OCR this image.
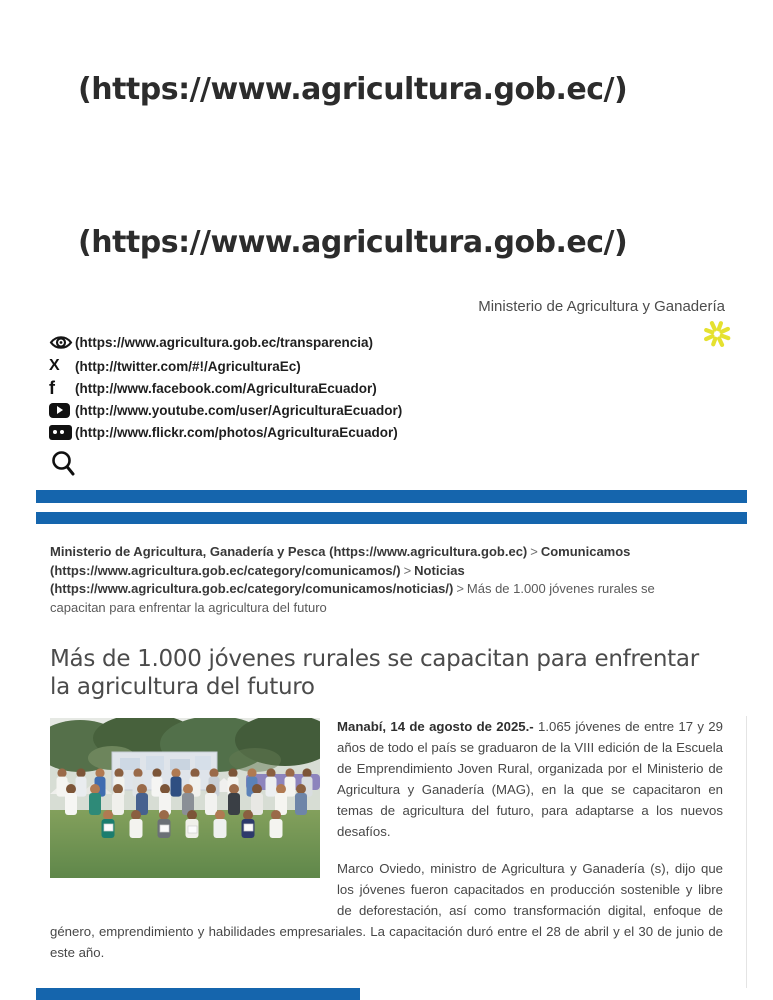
(https://www.agricultura.gob.ec/)
(https://www.agricultura.gob.ec/)
Ministerio de Agricultura y Ganadería
(https://www.agricultura.gob.ec/transparencia)
X
(http://twitter.com/#!/AgriculturaEc)
f
(http://www.facebook.com/AgriculturaEcuador)
(http://www.youtube.com/user/AgriculturaEcuador)
(http://www.flickr.com/photos/AgriculturaEcuador)
Ministerio de Agricultura, Ganadería y Pesca (https://www.agricultura.gob.ec) > Comunicamos (https://www.agricultura.gob.ec/category/comunicamos/) > Noticias (https://www.agricultura.gob.ec/category/comunicamos/noticias/) > Más de 1.000 jóvenes rurales se capacitan para enfrentar la agricultura del futuro
Más de 1.000 jóvenes rurales se capacitan para enfrentar la agricultura del futuro

Manabí, 14 de agosto de 2025.- 1.065 jóvenes de entre 17 y 29 años de todo el país se graduaron de la VIII edición de la Escuela de Emprendimiento Joven Rural, organizada por el Ministerio de Agricultura y Ganadería (MAG), en la que se capacitaron en temas de agricultura del futuro, para adaptarse a los nuevos desafíos.

Marco Oviedo, ministro de Agricultura y Ganadería (s), dijo que los jóvenes fueron capacitados en producción sostenible y libre de deforestación, así como transformación digital, enfoque de género, emprendimiento y habilidades empresariales. La capacitación duró entre el 28 de abril y el 30 de junio de este año.
